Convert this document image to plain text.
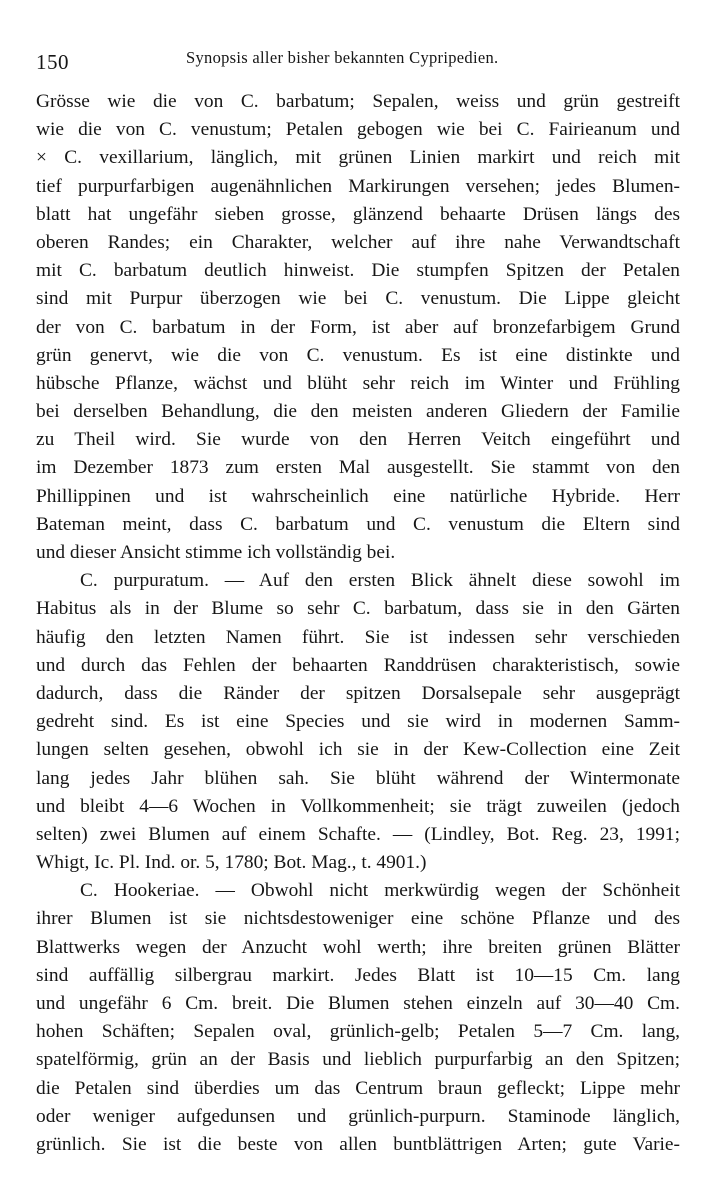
150	Synopsis aller bisher bekannten Cypripedien.
Grösse wie die von C. barbatum; Sepalen, weiss und grün gestreift
wie die von C. venustum; Petalen gebogen wie bei C. Fairieanum und
× C. vexillarium, länglich, mit grünen Linien markirt und reich mit
tief purpurfarbigen augenähnlichen Markirungen versehen; jedes Blumen-
blatt hat ungefähr sieben grosse, glänzend behaarte Drüsen längs des
oberen Randes; ein Charakter, welcher auf ihre nahe Verwandtschaft
mit C. barbatum deutlich hinweist. Die stumpfen Spitzen der Petalen
sind mit Purpur überzogen wie bei C. venustum. Die Lippe gleicht
der von C. barbatum in der Form, ist aber auf bronzefarbigem Grund
grün genervt, wie die von C. venustum. Es ist eine distinkte und
hübsche Pflanze, wächst und blüht sehr reich im Winter und Frühling
bei derselben Behandlung, die den meisten anderen Gliedern der Familie
zu Theil wird. Sie wurde von den Herren Veitch eingeführt und
im Dezember 1873 zum ersten Mal ausgestellt. Sie stammt von den
Phillippinen und ist wahrscheinlich eine natürliche Hybride. Herr
Bateman meint, dass C. barbatum und C. venustum die Eltern sind
und dieser Ansicht stimme ich vollständig bei.
C. purpuratum. — Auf den ersten Blick ähnelt diese sowohl im
Habitus als in der Blume so sehr C. barbatum, dass sie in den Gärten
häufig den letzten Namen führt. Sie ist indessen sehr verschieden
und durch das Fehlen der behaarten Randdrüsen charakteristisch, sowie
dadurch, dass die Ränder der spitzen Dorsalsepale sehr ausgeprägt
gedreht sind. Es ist eine Species und sie wird in modernen Samm-
lungen selten gesehen, obwohl ich sie in der Kew-Collection eine Zeit
lang jedes Jahr blühen sah. Sie blüht während der Wintermonate
und bleibt 4—6 Wochen in Vollkommenheit; sie trägt zuweilen (jedoch
selten) zwei Blumen auf einem Schafte. — (Lindley, Bot. Reg. 23, 1991;
Whigt, Ic. Pl. Ind. or. 5, 1780; Bot. Mag., t. 4901.)
C. Hookeriae. — Obwohl nicht merkwürdig wegen der Schönheit
ihrer Blumen ist sie nichtsdestoweniger eine schöne Pflanze und des
Blattwerks wegen der Anzucht wohl werth; ihre breiten grünen Blätter
sind auffällig silbergrau markirt. Jedes Blatt ist 10—15 Cm. lang
und ungefähr 6 Cm. breit. Die Blumen stehen einzeln auf 30—40 Cm.
hohen Schäften; Sepalen oval, grünlich-gelb; Petalen 5—7 Cm. lang,
spatelförmig, grün an der Basis und lieblich purpurfarbig an den Spitzen;
die Petalen sind überdies um das Centrum braun gefleckt; Lippe mehr
oder weniger aufgedunsen und grünlich-purpurn. Staminode länglich,
grünlich. Sie ist die beste von allen buntblättrigen Arten; gute Varie-
